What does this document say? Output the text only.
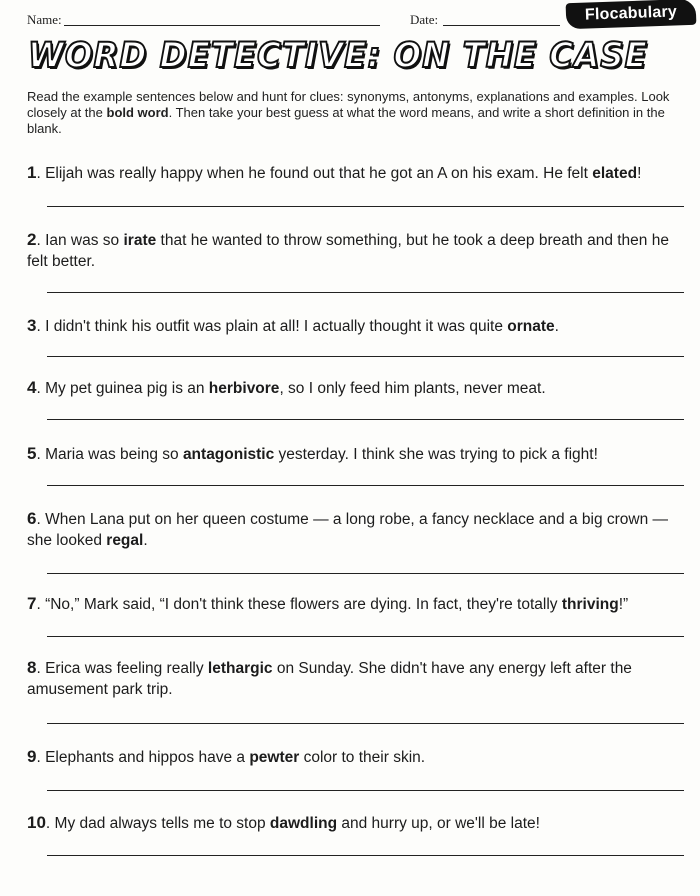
Name:	Date:	Flocabulary
WORD DETECTIVE: ON THE CASE
Read the example sentences below and hunt for clues: synonyms, antonyms, explanations and examples. Look closely at the bold word. Then take your best guess at what the word means, and write a short definition in the blank.
1. Elijah was really happy when he found out that he got an A on his exam. He felt elated!
2. Ian was so irate that he wanted to throw something, but he took a deep breath and then he felt better.
3. I didn't think his outfit was plain at all! I actually thought it was quite ornate.
4. My pet guinea pig is an herbivore, so I only feed him plants, never meat.
5. Maria was being so antagonistic yesterday. I think she was trying to pick a fight!
6. When Lana put on her queen costume — a long robe, a fancy necklace and a big crown — she looked regal.
7. “No,” Mark said, “I don't think these flowers are dying. In fact, they're totally thriving!”
8. Erica was feeling really lethargic on Sunday. She didn't have any energy left after the amusement park trip.
9. Elephants and hippos have a pewter color to their skin.
10. My dad always tells me to stop dawdling and hurry up, or we'll be late!
